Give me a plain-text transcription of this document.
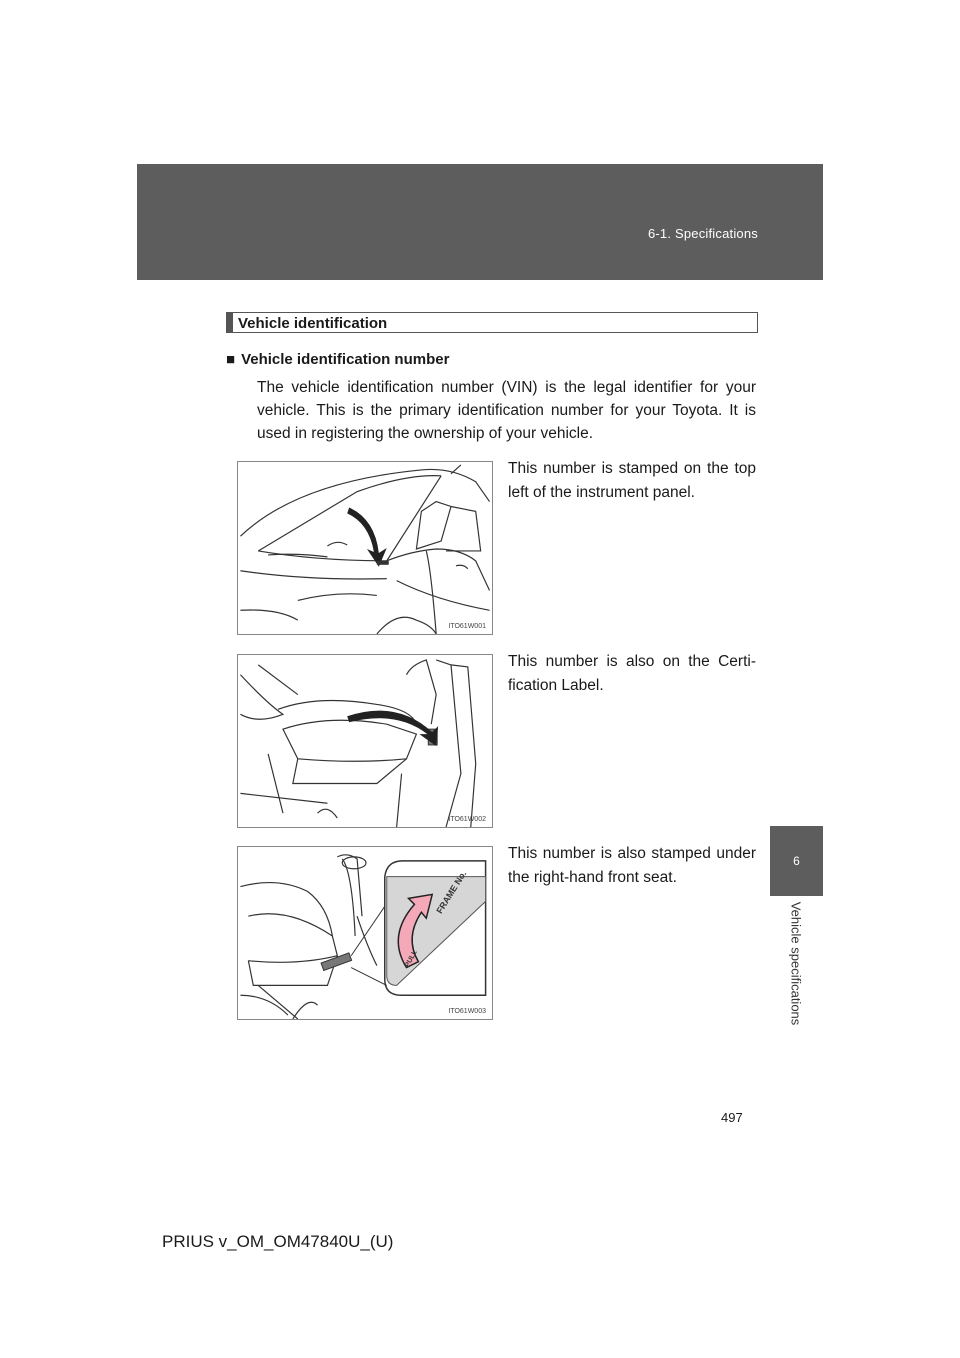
6-1. Specifications
6
Vehicle specifications
Vehicle identification
■ Vehicle identification number

The vehicle identification number (VIN) is the legal identifier for your vehicle. This is the primary identification number for your Toyota. It is used in registering the ownership of your vehicle.

ITO61W001

This number is stamped on the top left of the instrument panel.

ITO61W002

This number is also on the Certi-fication Label.

FRAME No.
PULL
ITO61W003

This number is also stamped under the right-hand front seat.

497
PRIUS v_OM_OM47840U_(U)
